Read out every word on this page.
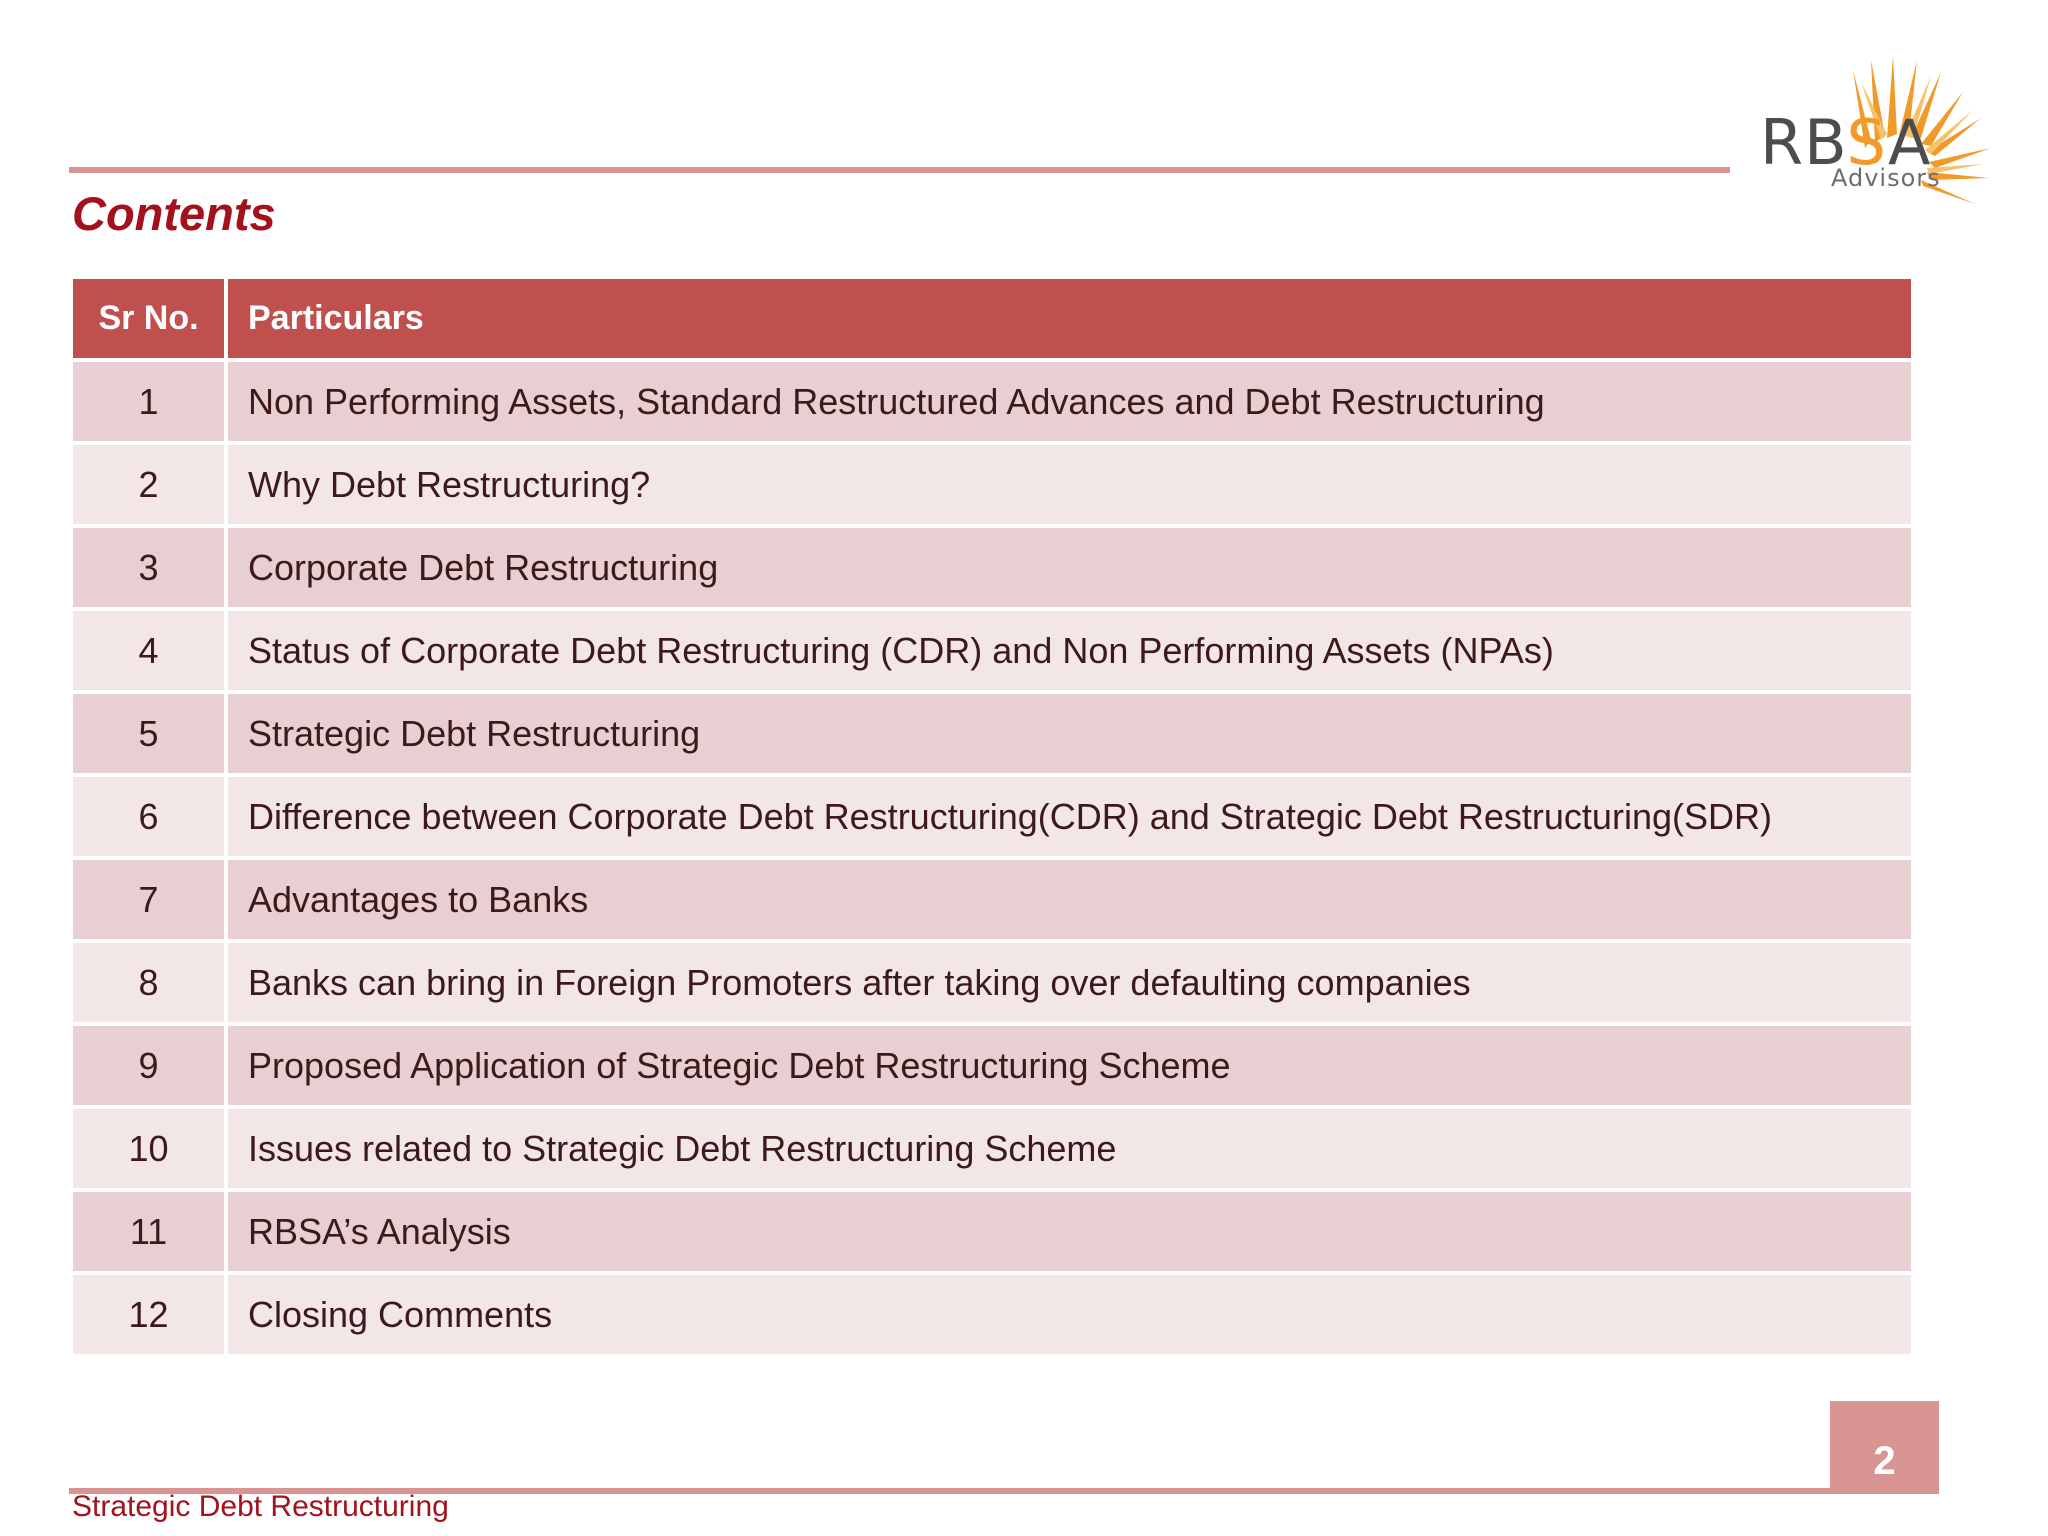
Contents
RBSA
Advisors
Sr No.	Particulars
1	Non Performing Assets, Standard Restructured Advances and Debt Restructuring
2	Why Debt Restructuring?
3	Corporate Debt Restructuring
4	Status of Corporate Debt Restructuring (CDR) and Non Performing Assets (NPAs)
5	Strategic Debt Restructuring
6	Difference between Corporate Debt Restructuring(CDR) and Strategic Debt Restructuring(SDR)
7	Advantages to Banks
8	Banks can bring in Foreign Promoters after taking over defaulting companies
9	Proposed Application of Strategic Debt Restructuring Scheme
10	Issues related to Strategic Debt Restructuring Scheme
11	RBSA’s Analysis
12	Closing Comments
2
Strategic Debt Restructuring
